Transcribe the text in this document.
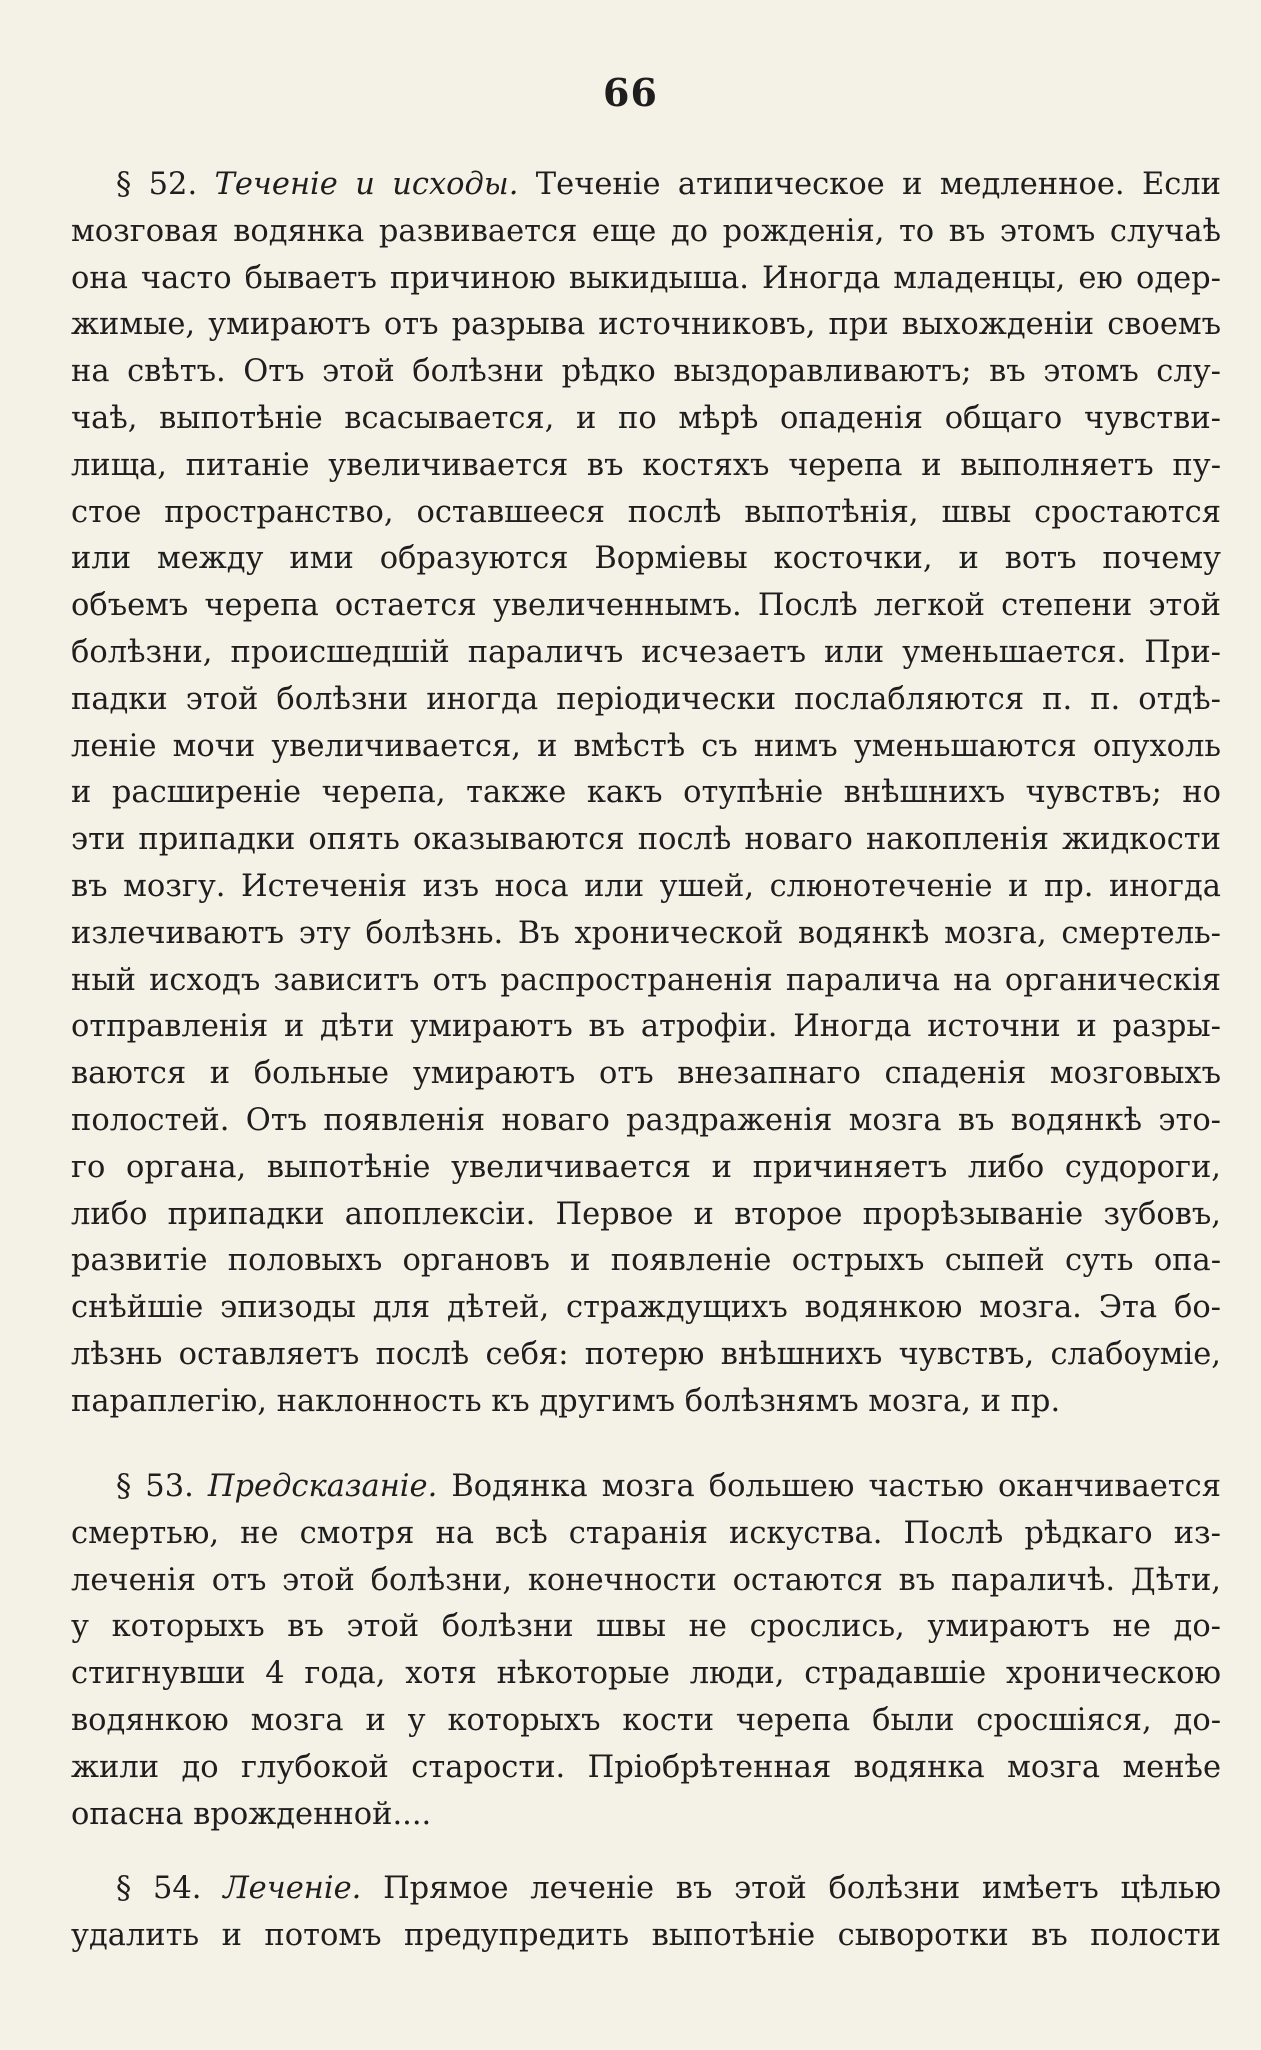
66
§ 52. Теченіе и исходы. Теченіе атипическое и медленное. Если
мозговая водянка развивается еще до рожденія, то въ этомъ случаѣ
она часто бываетъ причиною выкидыша. Иногда младенцы, ею одер-
жимые, умираютъ отъ разрыва источниковъ, при выхожденіи своемъ
на свѣтъ. Отъ этой болѣзни рѣдко выздоравливаютъ; въ этомъ слу-
чаѣ, выпотѣніе всасывается, и по мѣрѣ опаденія общаго чувстви-
лища, питаніе увеличивается въ костяхъ черепа и выполняетъ пу-
стое пространство, оставшееся послѣ выпотѣнія, швы сростаются
или между ими образуются Ворміевы косточки, и вотъ почему
объемъ черепа остается увеличеннымъ. Послѣ легкой степени этой
болѣзни, происшедшій параличъ исчезаетъ или уменьшается. При-
падки этой болѣзни иногда періодически послабляются п. п. отдѣ-
леніе мочи увеличивается, и вмѣстѣ съ нимъ уменьшаются опухоль
и расширеніе черепа, также какъ отупѣніе внѣшнихъ чувствъ; но
эти припадки опять оказываются послѣ новаго накопленія жидкости
въ мозгу. Истеченія изъ носа или ушей, слюнотеченіе и пр. иногда
излечиваютъ эту болѣзнь. Въ хронической водянкѣ мозга, смертель-
ный исходъ зависитъ отъ распространенія паралича на органическія
отправленія и дѣти умираютъ въ атрофіи. Иногда источни и разры-
ваются и больные умираютъ отъ внезапнаго спаденія мозговыхъ
полостей. Отъ появленія новаго раздраженія мозга въ водянкѣ это-
го органа, выпотѣніе увеличивается и причиняетъ либо судороги,
либо припадки апоплексіи. Первое и второе прорѣзываніе зубовъ,
развитіе половыхъ органовъ и появленіе острыхъ сыпей суть опа-
снѣйшіе эпизоды для дѣтей, страждущихъ водянкою мозга. Эта бо-
лѣзнь оставляетъ послѣ себя: потерю внѣшнихъ чувствъ, слабоуміе,
параплегію, наклонность къ другимъ болѣзнямъ мозга, и пр.
§ 53. Предсказаніе. Водянка мозга большею частью оканчивается
смертью, не смотря на всѣ старанія искуства. Послѣ рѣдкаго из-
леченія отъ этой болѣзни, конечности остаются въ параличѣ. Дѣти,
у которыхъ въ этой болѣзни швы не срослись, умираютъ не до-
стигнувши 4 года, хотя нѣкоторые люди, страдавшіе хроническою
водянкою мозга и у которыхъ кости черепа были сросшіяся, до-
жили до глубокой старости. Пріобрѣтенная водянка мозга менѣе
опасна врожденной....
§ 54. Леченіе. Прямое леченіе въ этой болѣзни имѣетъ цѣлью
удалить и потомъ предупредить выпотѣніе сыворотки въ полости
